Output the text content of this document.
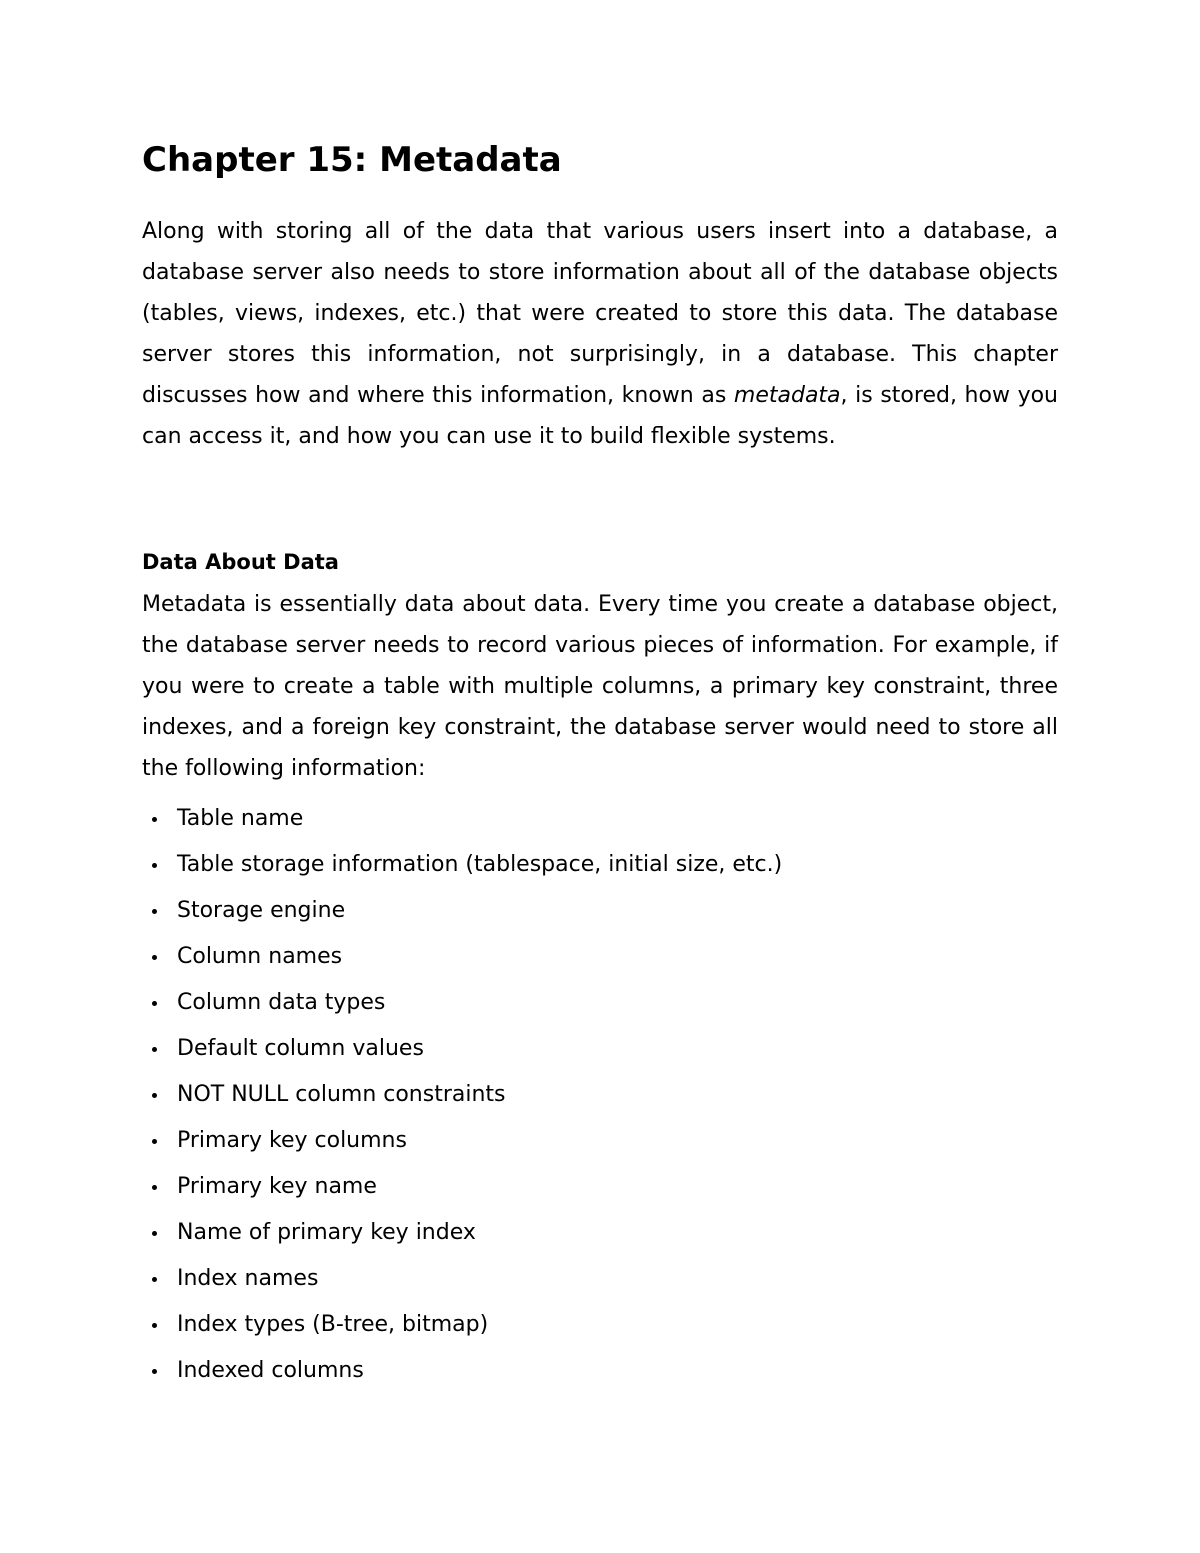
Chapter 15: Metadata

Along with storing all of the data that various users insert into a database, a database server also needs to store information about all of the database objects (tables, views, indexes, etc.) that were created to store this data. The database server stores this information, not surprisingly, in a database. This chapter discusses how and where this information, known as metadata, is stored, how you can access it, and how you can use it to build flexible systems.

Data About Data

Metadata is essentially data about data. Every time you create a database object, the database server needs to record various pieces of information. For example, if you were to create a table with multiple columns, a primary key constraint, three indexes, and a foreign key constraint, the database server would need to store all the following information:

Table name
Table storage information (tablespace, initial size, etc.)
Storage engine
Column names
Column data types
Default column values
NOT NULL column constraints
Primary key columns
Primary key name
Name of primary key index
Index names
Index types (B-tree, bitmap)
Indexed columns
